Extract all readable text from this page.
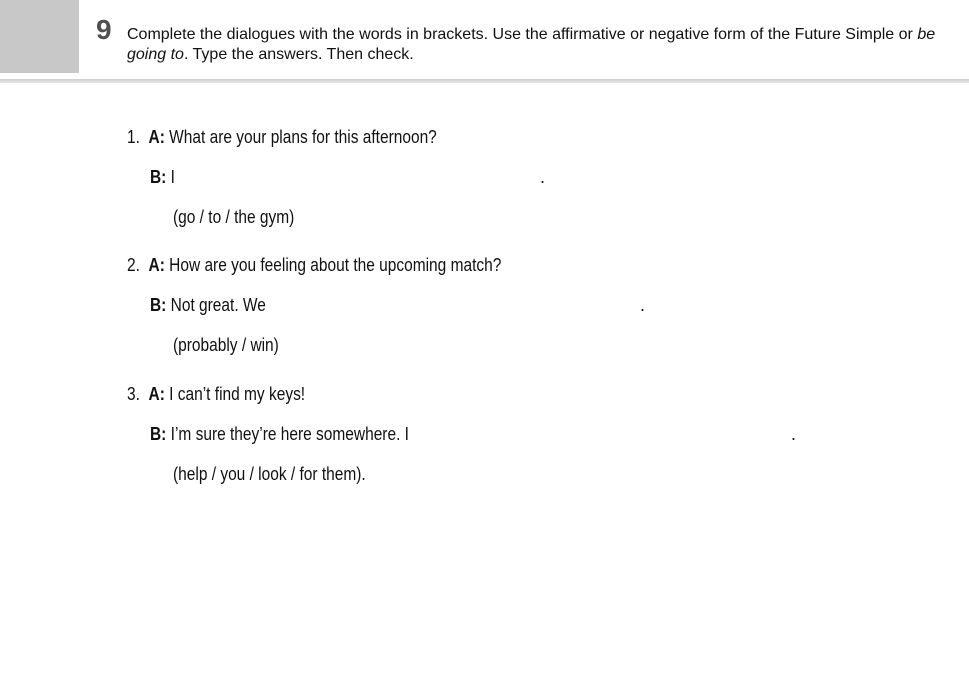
9 Complete the dialogues with the words in brackets. Use the affirmative or negative form of the Future Simple or be going to. Type the answers. Then check.
1. A: What are your plans for this afternoon?
B: I	.
(go / to / the gym)
2. A: How are you feeling about the upcoming match?
B: Not great. We	.
(probably / win)
3. A: I can’t find my keys!
B: I’m sure they’re here somewhere. I	.
(help / you / look / for them).
